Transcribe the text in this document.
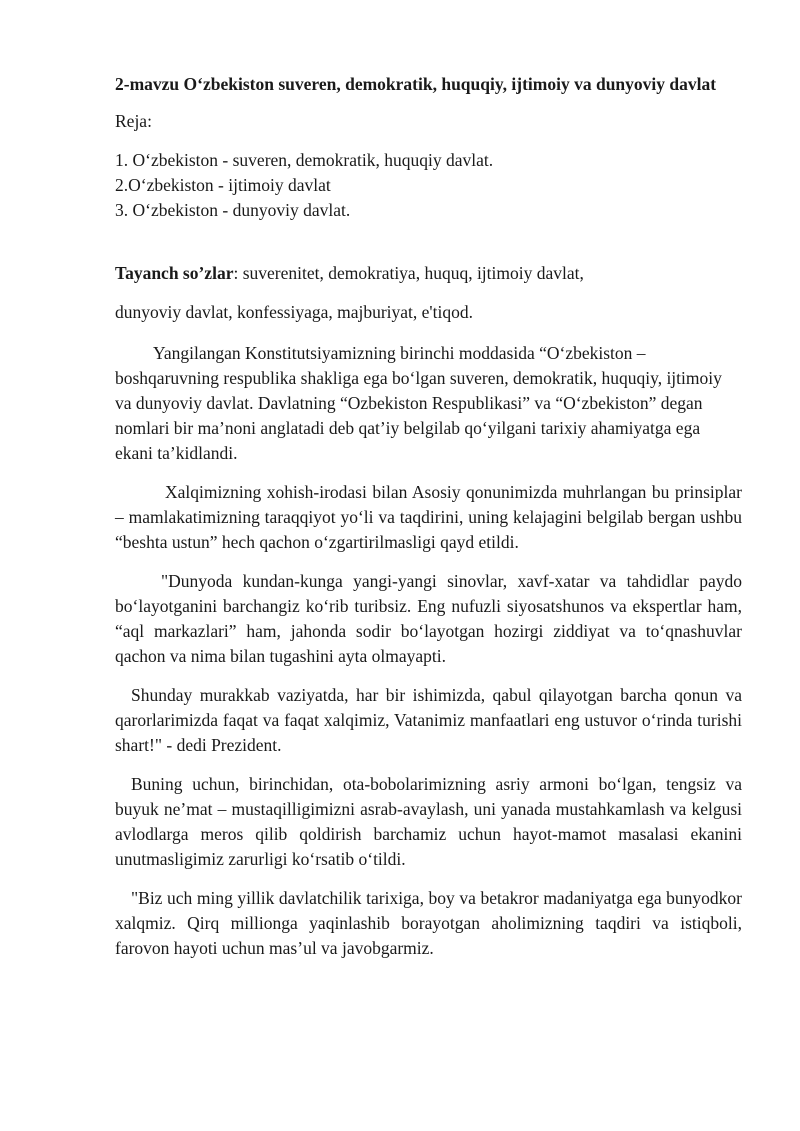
2-mavzu O‘zbekiston suveren, demokratik, huquqiy, ijtimoiy va dunyoviy davlat
Reja:
1. O‘zbekiston - suveren, demokratik, huquqiy davlat.
2.O‘zbekiston - ijtimoiy davlat
3. O‘zbekiston - dunyoviy davlat.
Tayanch so’zlar: suverenitet, demokratiya, huquq, ijtimoiy davlat,
dunyoviy davlat, konfessiyaga, majburiyat, e'tiqod.

Yangilangan Konstitutsiyamizning birinchi moddasida “O‘zbekiston – boshqaruvning respublika shakliga ega bo‘lgan suveren, demokratik, huquqiy, ijtimoiy va dunyoviy davlat. Davlatning “Ozbekiston Respublikasi” va “O‘zbekiston” degan nomlari bir ma’noni anglatadi deb qat’iy belgilab qo‘yilgani tarixiy ahamiyatga ega ekani ta’kidlandi.

Xalqimizning xohish-irodasi bilan Asosiy qonunimizda muhrlangan bu prinsiplar – mamlakatimizning taraqqiyot yo‘li va taqdirini, uning kelajagini belgilab bergan ushbu “beshta ustun” hech qachon o‘zgartirilmasligi qayd etildi.

"Dunyoda kundan-kunga yangi-yangi sinovlar, xavf-xatar va tahdidlar paydo bo‘layotganini barchangiz ko‘rib turibsiz. Eng nufuzli siyosatshunos va ekspertlar ham, “aql markazlari” ham, jahonda sodir bo‘layotgan hozirgi ziddiyat va to‘qnashuvlar qachon va nima bilan tugashini ayta olmayapti.

Shunday murakkab vaziyatda, har bir ishimizda, qabul qilayotgan barcha qonun va qarorlarimizda faqat va faqat xalqimiz, Vatanimiz manfaatlari eng ustuvor o‘rinda turishi shart!" - dedi Prezident.

Buning uchun, birinchidan, ota-bobolarimizning asriy armoni bo‘lgan, tengsiz va buyuk ne’mat – mustaqilligimizni asrab-avaylash, uni yanada mustahkamlash va kelgusi avlodlarga meros qilib qoldirish barchamiz uchun hayot-mamot masalasi ekanini unutmasligimiz zarurligi ko‘rsatib o‘tildi.

"Biz uch ming yillik davlatchilik tarixiga, boy va betakror madaniyatga ega bunyodkor xalqmiz. Qirq millionga yaqinlashib borayotgan aholimizning taqdiri va istiqboli, farovon hayoti uchun mas’ul va javobgarmiz.
